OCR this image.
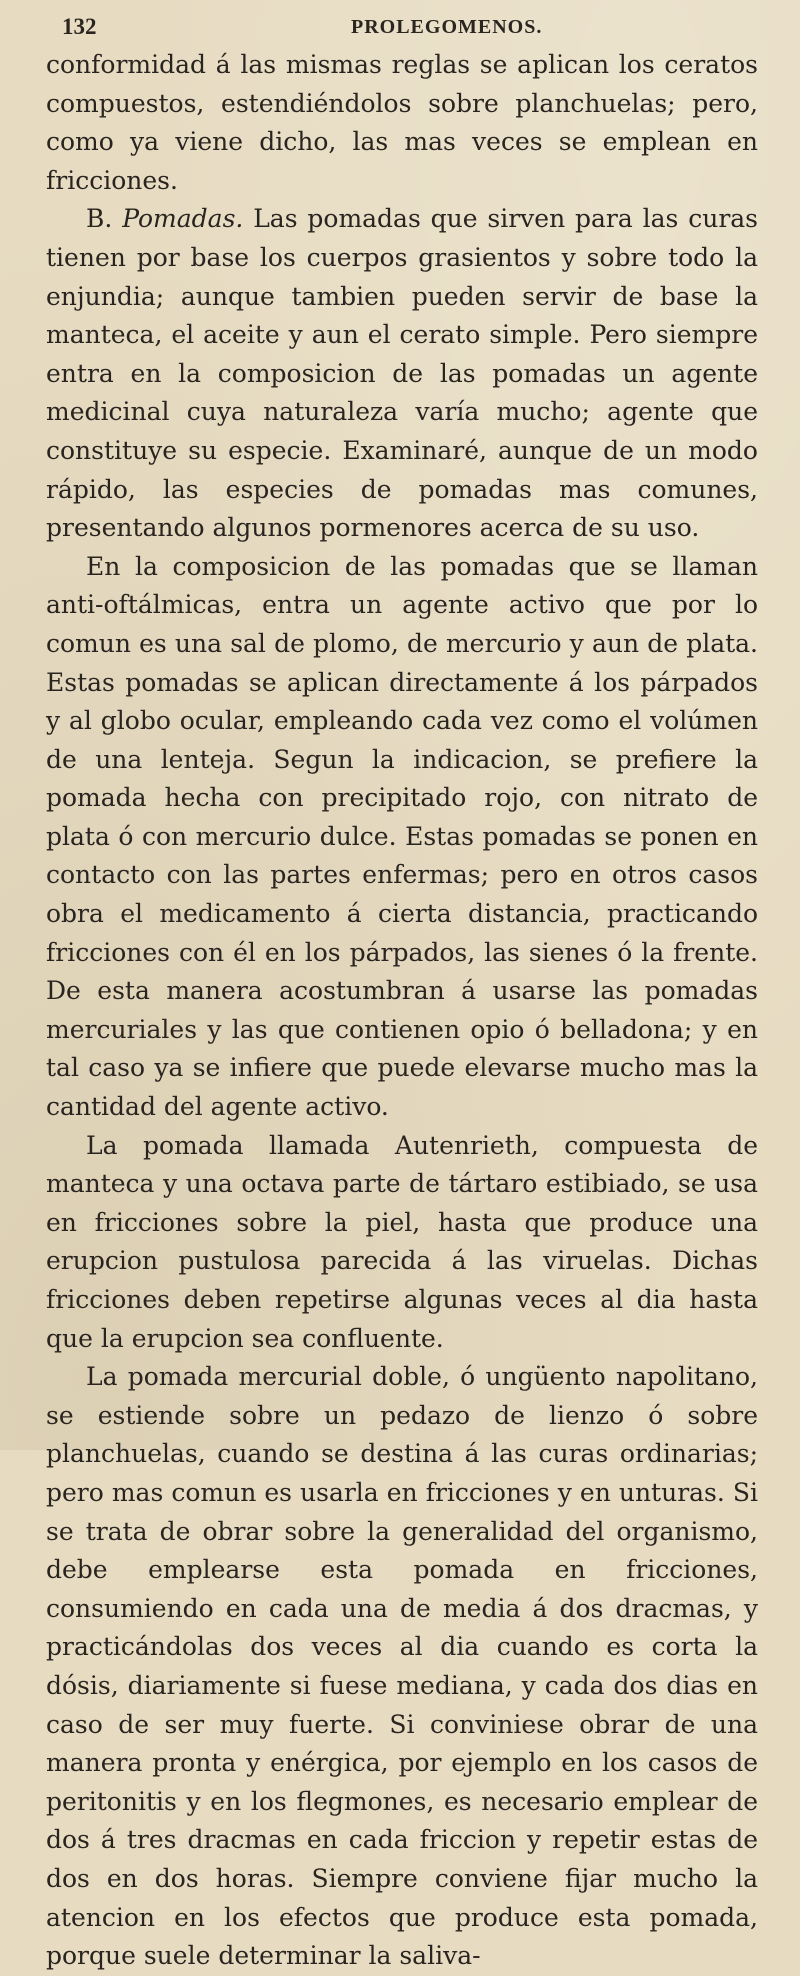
132	PROLEGOMENOS.

conformidad á las mismas reglas se aplican los ceratos compuestos, estendiéndolos sobre planchuelas; pero, como ya viene dicho, las mas veces se emplean en fricciones.

B. Pomadas. Las pomadas que sirven para las curas tienen por base los cuerpos grasientos y sobre todo la enjundia; aunque tambien pueden servir de base la manteca, el aceite y aun el cerato simple. Pero siempre entra en la composicion de las pomadas un agente medicinal cuya naturaleza varía mucho; agente que constituye su especie. Examinaré, aunque de un modo rápido, las especies de pomadas mas comunes, presentando algunos pormenores acerca de su uso.

En la composicion de las pomadas que se llaman anti-oftálmicas, entra un agente activo que por lo comun es una sal de plomo, de mercurio y aun de plata. Estas pomadas se aplican directamente á los párpados y al globo ocular, empleando cada vez como el volúmen de una lenteja. Segun la indicacion, se prefiere la pomada hecha con precipitado rojo, con nitrato de plata ó con mercurio dulce. Estas pomadas se ponen en contacto con las partes enfermas; pero en otros casos obra el medicamento á cierta distancia, practicando fricciones con él en los párpados, las sienes ó la frente. De esta manera acostumbran á usarse las pomadas mercuriales y las que contienen opio ó belladona; y en tal caso ya se infiere que puede elevarse mucho mas la cantidad del agente activo.

La pomada llamada Autenrieth, compuesta de manteca y una octava parte de tártaro estibiado, se usa en fricciones sobre la piel, hasta que produce una erupcion pustulosa parecida á las viruelas. Dichas fricciones deben repetirse algunas veces al dia hasta que la erupcion sea confluente.

La pomada mercurial doble, ó ungüento napolitano, se estiende sobre un pedazo de lienzo ó sobre planchuelas, cuando se destina á las curas ordinarias; pero mas comun es usarla en fricciones y en unturas. Si se trata de obrar sobre la generalidad del organismo, debe emplearse esta pomada en fricciones, consumiendo en cada una de media á dos dracmas, y practicándolas dos veces al dia cuando es corta la dósis, diariamente si fuese mediana, y cada dos dias en caso de ser muy fuerte. Si conviniese obrar de una manera pronta y enérgica, por ejemplo en los casos de peritonitis y en los flegmones, es necesario emplear de dos á tres dracmas en cada friccion y repetir estas de dos en dos horas. Siempre conviene fijar mucho la atencion en los efectos que produce esta pomada, porque suele determinar la saliva-
